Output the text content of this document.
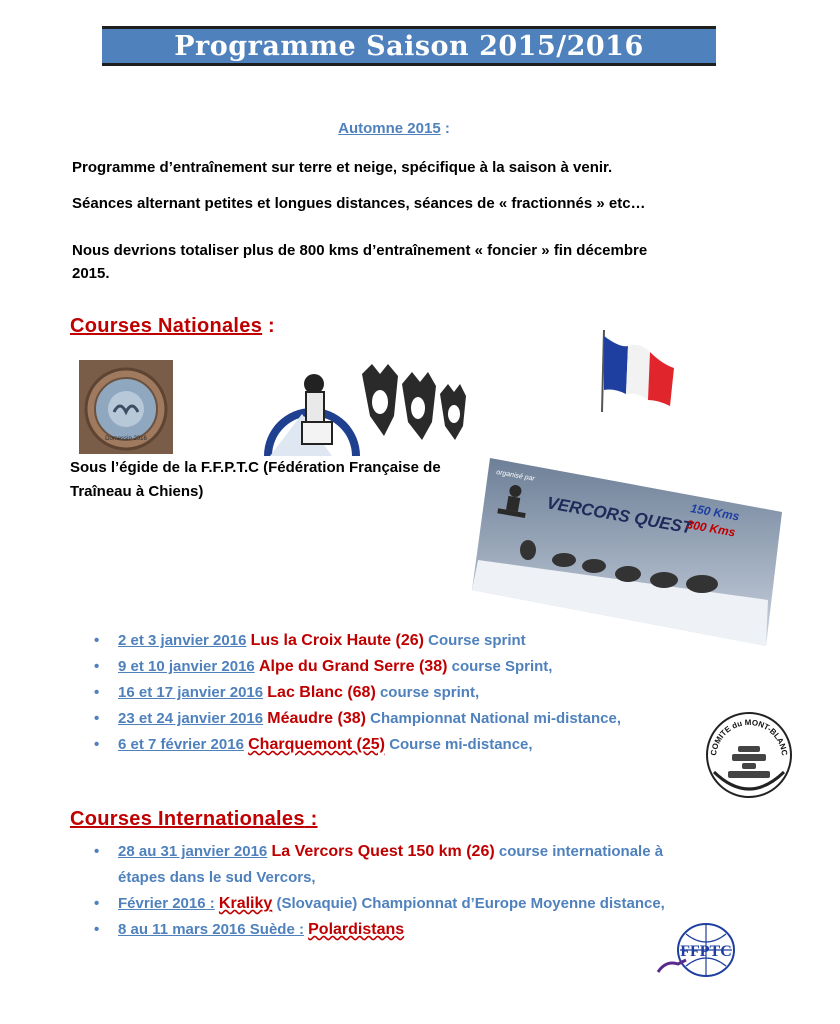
Programme Saison 2015/2016
Automne 2015 :
Programme d’entraînement sur terre et neige, spécifique à la saison à venir.
Séances alternant petites et longues distances, séances de « fractionnés » etc…
Nous devrions totaliser plus de 800 kms d’entraînement « foncier » fin décembre 2015.
Courses Nationales :
Domessin 2016
Sous l’égide de la F.F.P.T.C (Fédération Française de Traîneau à Chiens)
organisé par
VERCORS QUEST
150 Kms
300 Kms
• 2 et 3 janvier 2016 Lus la Croix Haute (26) Course sprint
• 9 et 10 janvier 2016 Alpe du Grand Serre (38) course Sprint,
• 16 et 17 janvier 2016 Lac Blanc (68) course sprint,
• 23 et 24 janvier 2016 Méaudre (38) Championnat National mi-distance,
• 6 et 7 février 2016 Charquemont (25) Course mi-distance,	COMITE du MONT-BLANC
Courses Internationales :
• 28 au 31 janvier 2016 La Vercors Quest 150 km (26) course internationale à étapes dans le sud Vercors,
• Février 2016 : Kraliky (Slovaquie) Championnat d’Europe Moyenne distance,
• 8 au 11 mars 2016 Suède : Polardistans
FFPTC
